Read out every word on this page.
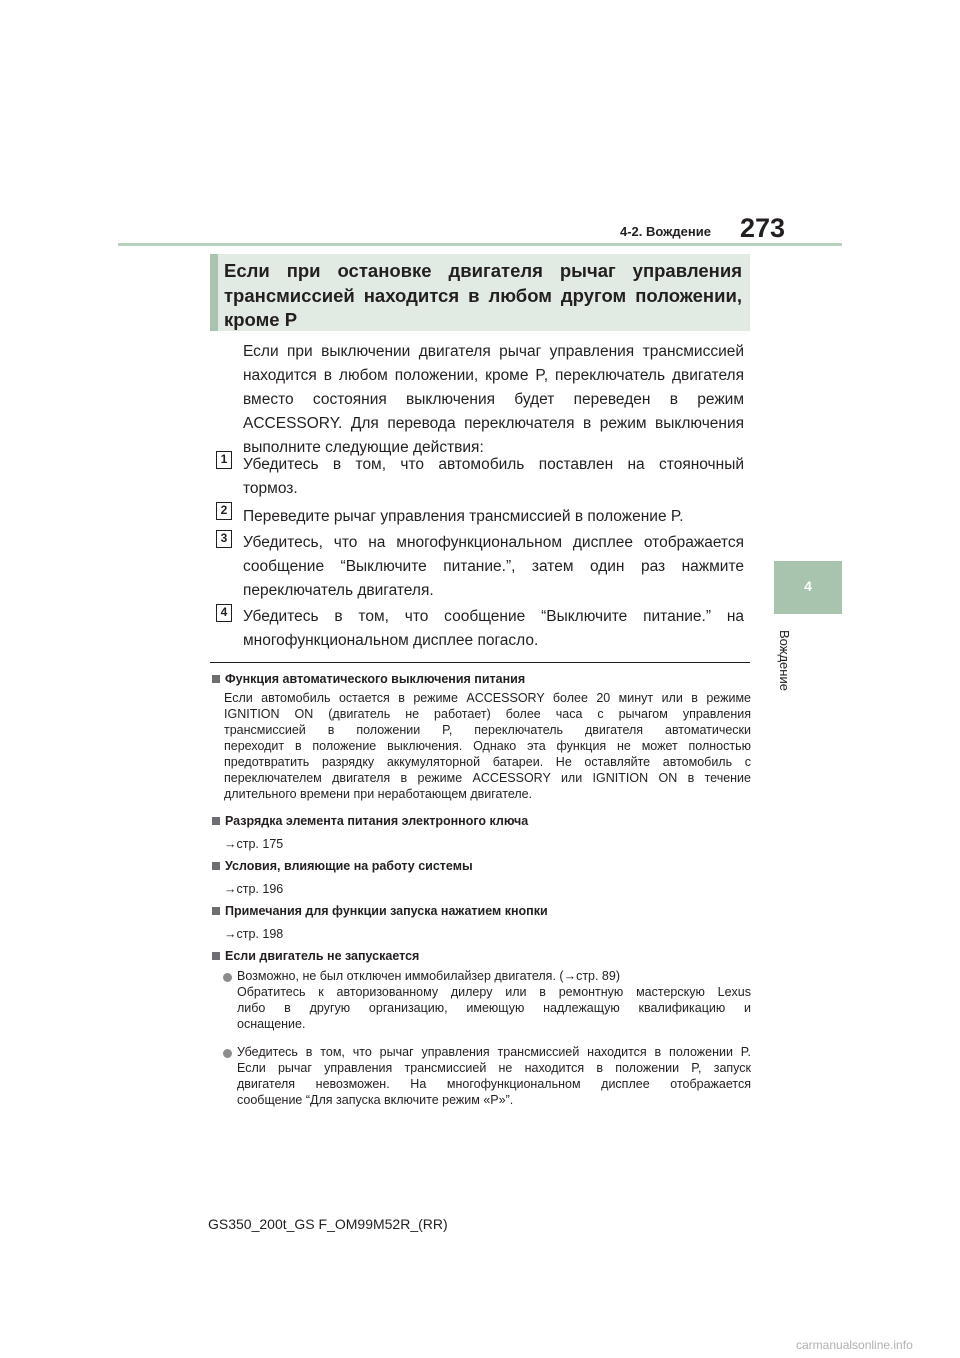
4-2. Вождение 273
4
Вождение
Если при остановке двигателя рычаг управления
трансмиссией находится в любом другом положении,
кроме P
Если при выключении двигателя рычаг управления трансмиссией
находится в любом положении, кроме P, переключатель двигателя
вместо состояния выключения будет переведен в режим
ACCESSORY. Для перевода переключателя в режим выключения
выполните следующие действия:
1	Убедитесь в том, что автомобиль поставлен на стояночный
тормоз.
2	Переведите рычаг управления трансмиссией в положение P.
3	Убедитесь, что на многофункциональном дисплее отображается
сообщение “Выключите питание.”, затем один раз нажмите
переключатель двигателя.
4	Убедитесь в том, что сообщение “Выключите питание.” на
многофункциональном дисплее погасло.
Функция автоматического выключения питания
Если автомобиль остается в режиме ACCESSORY более 20 минут или в режиме
IGNITION ON (двигатель не работает) более часа с рычагом управления
трансмиссией в положении P, переключатель двигателя автоматически
переходит в положение выключения. Однако эта функция не может полностью
предотвратить разрядку аккумуляторной батареи. Не оставляйте автомобиль с
переключателем двигателя в режиме ACCESSORY или IGNITION ON в течение
длительного времени при неработающем двигателе.
Разрядка элемента питания электронного ключа
→стр. 175
Условия, влияющие на работу системы
→стр. 196
Примечания для функции запуска нажатием кнопки
→стр. 198
Если двигатель не запускается
Возможно, не был отключен иммобилайзер двигателя. (→стр. 89)
Обратитесь к авторизованному дилеру или в ремонтную мастерскую Lexus
либо в другую организацию, имеющую надлежащую квалификацию и
оснащение.
Убедитесь в том, что рычаг управления трансмиссией находится в положении P.
Если рычаг управления трансмиссией не находится в положении P, запуск
двигателя невозможен. На многофункциональном дисплее отображается
сообщение “Для запуска включите режим «P»”.
GS350_200t_GS F_OM99M52R_(RR)
carmanualsonline.info
